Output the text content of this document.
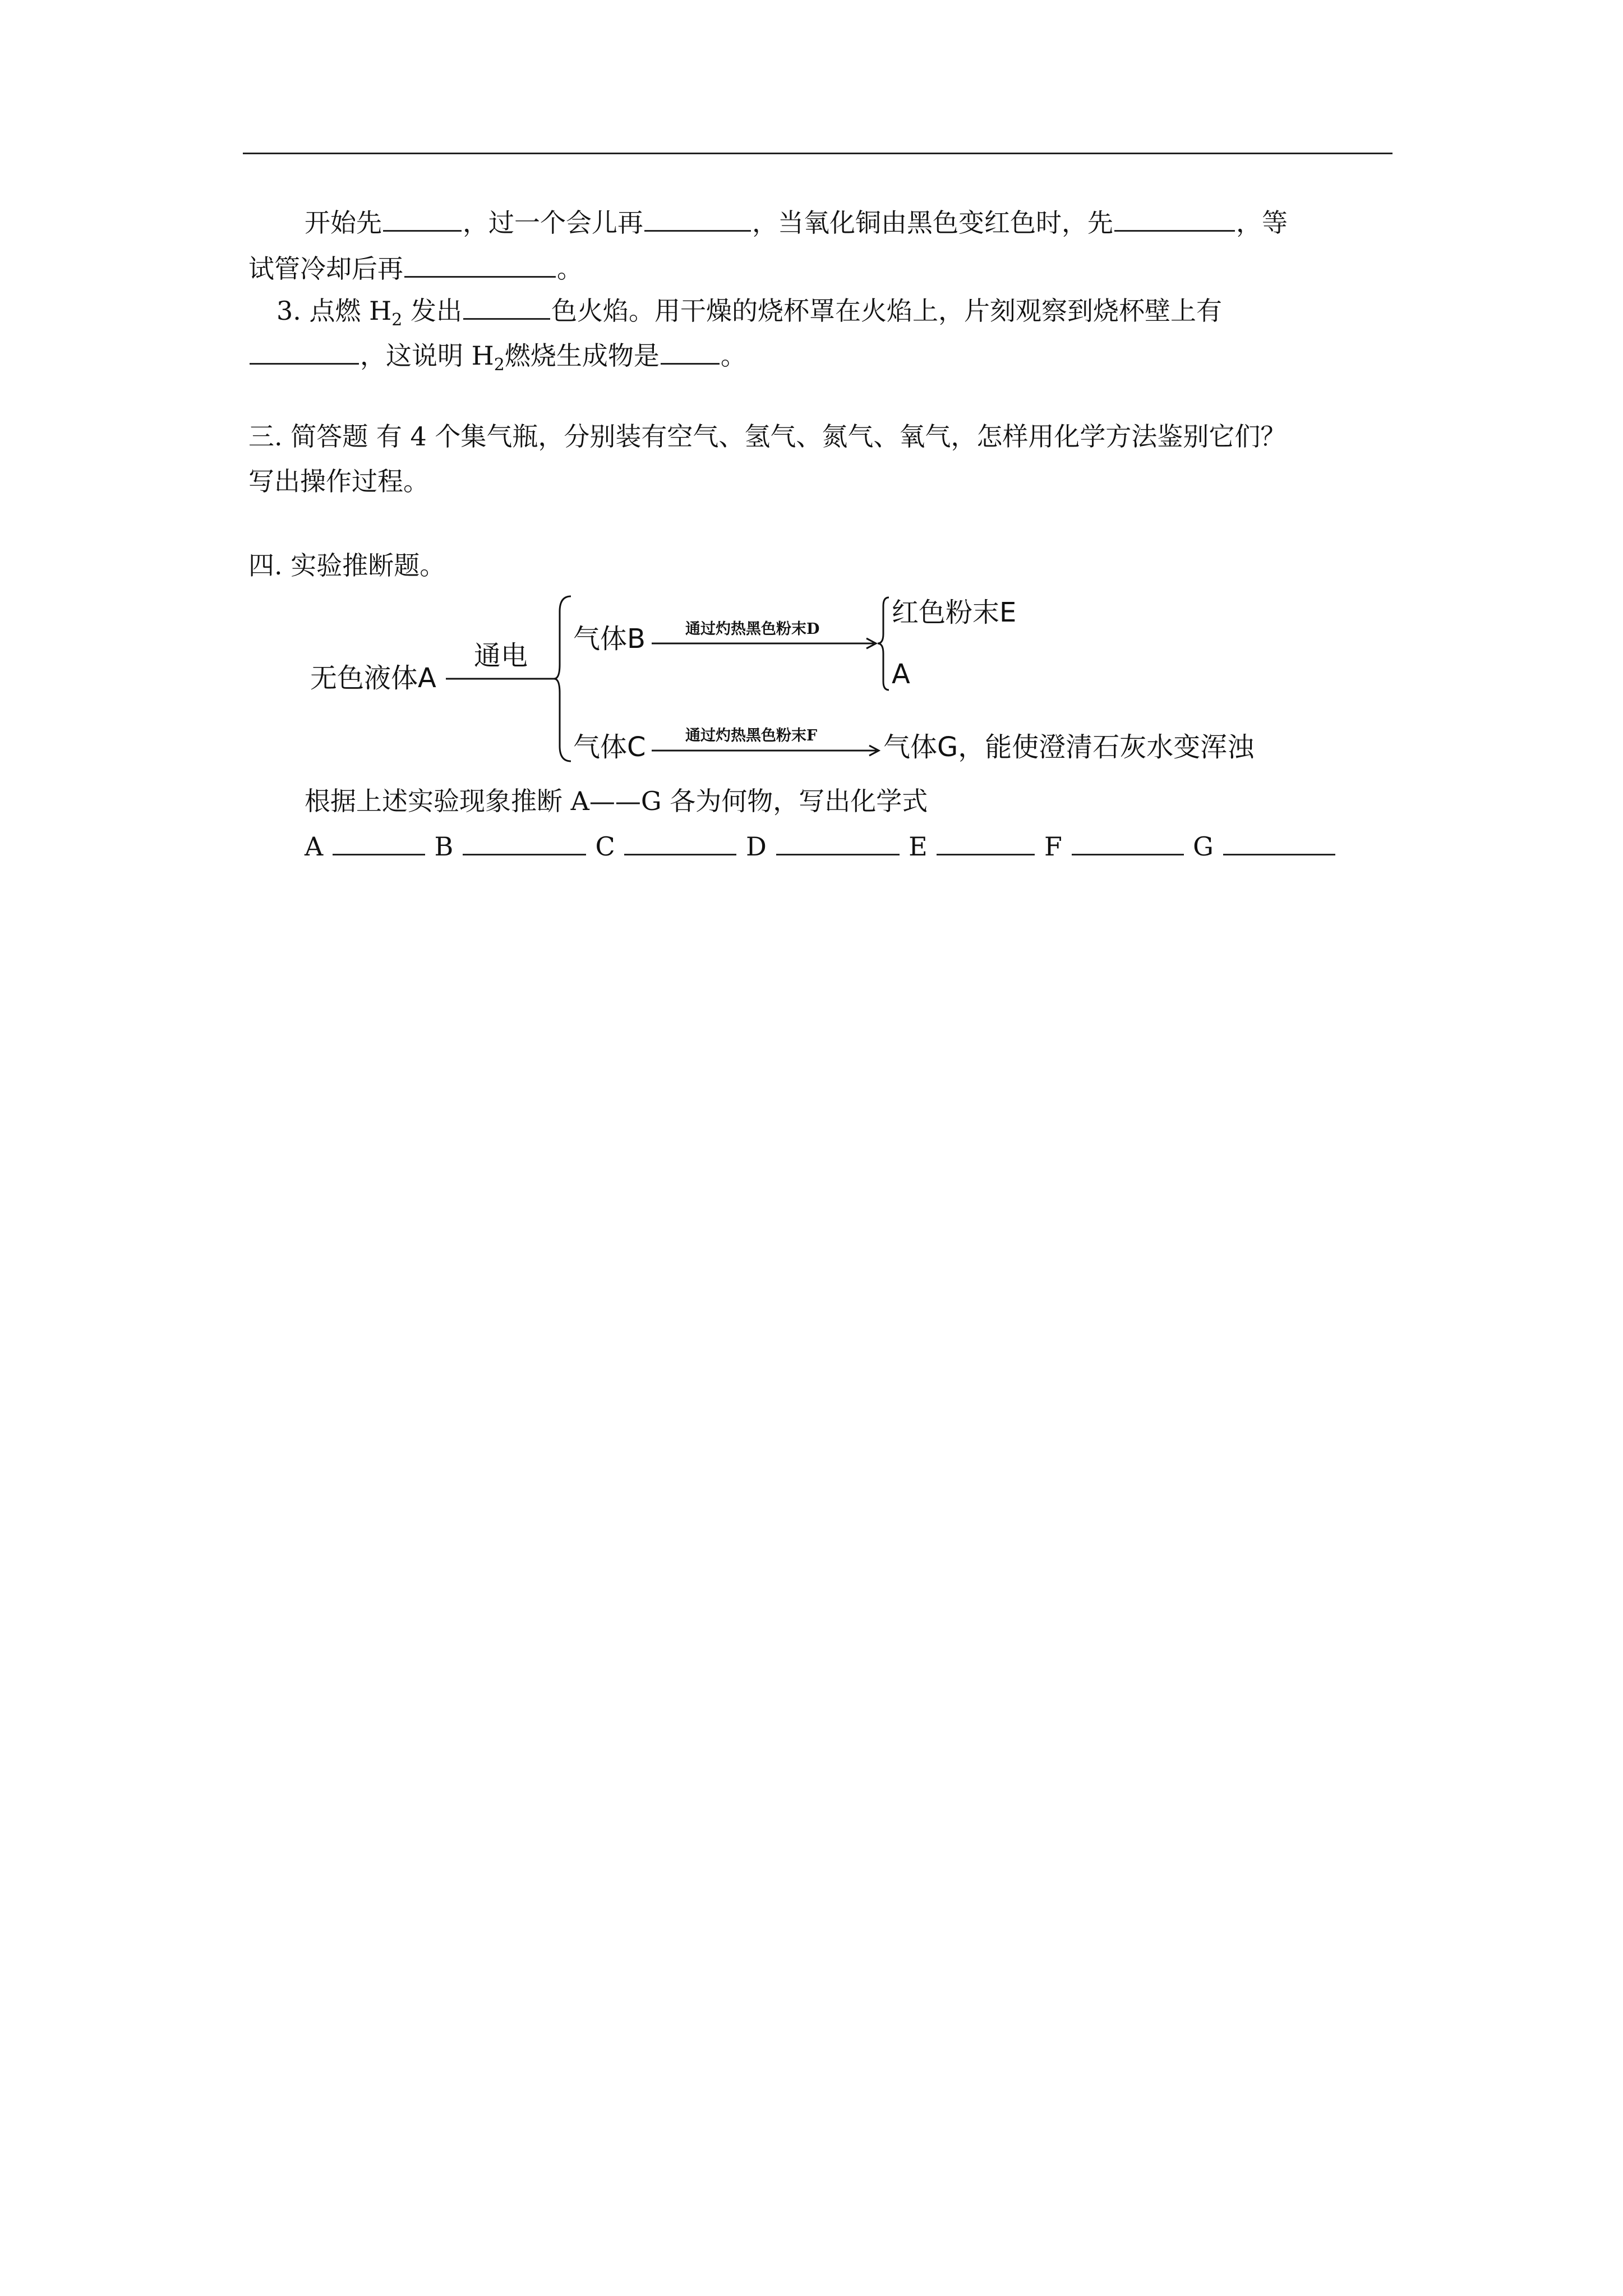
开始先	，过一个会儿再	，当氧化铜由黑色变红色时，先	，等
试管冷却后再	。
3. 点燃 $H_2$ 发出	色火焰。用干燥的烧杯罩在火焰上，片刻观察到烧杯壁上有
，这说明 $H_2$燃烧生成物是 。
三. 简答题 有 4 个集气瓶，分别装有空气、氢气、氮气、氧气，怎样用化学方法鉴别它们？
写出操作过程。
四. 实验推断题。
无色液体A
通电
气体B	通过灼热黑色粉末D
红色粉末E
A
气体C	通过灼热黑色粉末F 气体G，能使澄清石灰水变浑浊
根据上述实验现象推断 A——G 各为何物，写出化学式
A	B	C	D	E	F	G
